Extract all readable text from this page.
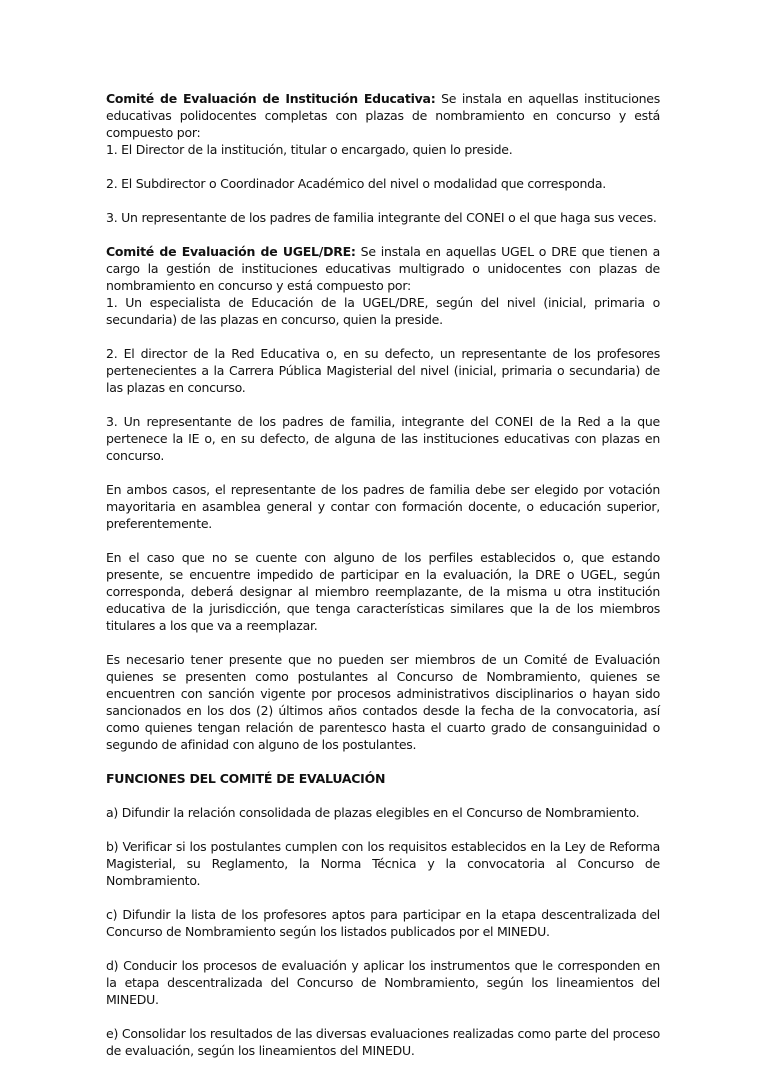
Comité de Evaluación de Institución Educativa: Se instala en aquellas instituciones educativas polidocentes completas con plazas de nombramiento en concurso y está compuesto por:
1. El Director de la institución, titular o encargado, quien lo preside.

2. El Subdirector o Coordinador Académico del nivel o modalidad que corresponda.

3. Un representante de los padres de familia integrante del CONEI o el que haga sus veces.

Comité de Evaluación de UGEL/DRE: Se instala en aquellas UGEL o DRE que tienen a cargo la gestión de instituciones educativas multigrado o unidocentes con plazas de nombramiento en concurso y está compuesto por:
1. Un especialista de Educación de la UGEL/DRE, según del nivel (inicial, primaria o secundaria) de las plazas en concurso, quien la preside.

2. El director de la Red Educativa o, en su defecto, un representante de los profesores pertenecientes a la Carrera Pública Magisterial del nivel (inicial, primaria o secundaria) de las plazas en concurso.

3. Un representante de los padres de familia, integrante del CONEI de la Red a la que pertenece la IE o, en su defecto, de alguna de las instituciones educativas con plazas en concurso.

En ambos casos, el representante de los padres de familia debe ser elegido por votación mayoritaria en asamblea general y contar con formación docente, o educación superior, preferentemente.

En el caso que no se cuente con alguno de los perfiles establecidos o, que estando presente, se encuentre impedido de participar en la evaluación, la DRE o UGEL, según corresponda, deberá designar al miembro reemplazante, de la misma u otra institución educativa de la jurisdicción, que tenga características similares que la de los miembros titulares a los que va a reemplazar.

Es necesario tener presente que no pueden ser miembros de un Comité de Evaluación quienes se presenten como postulantes al Concurso de Nombramiento, quienes se encuentren con sanción vigente por procesos administrativos disciplinarios o hayan sido sancionados en los dos (2) últimos años contados desde la fecha de la convocatoria, así como quienes tengan relación de parentesco hasta el cuarto grado de consanguinidad o segundo de afinidad con alguno de los postulantes.

FUNCIONES DEL COMITÉ DE EVALUACIÓN

a) Difundir la relación consolidada de plazas elegibles en el Concurso de Nombramiento.

b) Verificar si los postulantes cumplen con los requisitos establecidos en la Ley de Reforma Magisterial, su Reglamento, la Norma Técnica y la convocatoria al Concurso de Nombramiento.

c) Difundir la lista de los profesores aptos para participar en la etapa descentralizada del Concurso de Nombramiento según los listados publicados por el MINEDU.

d) Conducir los procesos de evaluación y aplicar los instrumentos que le corresponden en la etapa descentralizada del Concurso de Nombramiento, según los lineamientos del MINEDU.

e) Consolidar los resultados de las diversas evaluaciones realizadas como parte del proceso de evaluación, según los lineamientos del MINEDU.
